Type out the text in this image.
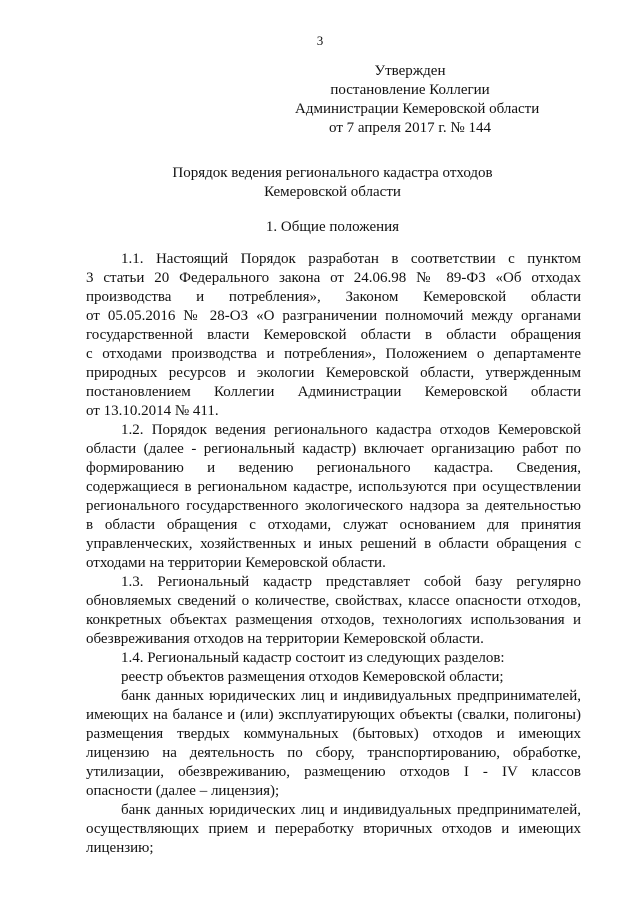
3
Утвержден
постановление Коллегии
Администрации Кемеровской области
от 7 апреля 2017 г. № 144
Порядок ведения регионального кадастра отходов
Кемеровской области
1. Общие положения
1.1. Настоящий Порядок разработан в соответствии с пунктом
3 статьи 20 Федерального закона от 24.06.98 № 89-ФЗ «Об отходах
производства и потребления», Законом Кемеровской области
от 05.05.2016 № 28-ОЗ «О разграничении полномочий между органами
государственной власти Кемеровской области в области обращения
с отходами производства и потребления», Положением о департаменте
природных ресурсов и экологии Кемеровской области, утвержденным
постановлением Коллегии Администрации Кемеровской области
от 13.10.2014 № 411.
1.2. Порядок ведения регионального кадастра отходов Кемеровской
области (далее - региональный кадастр) включает организацию работ по
формированию и ведению регионального кадастра. Сведения,
содержащиеся в региональном кадастре, используются при осуществлении
регионального государственного экологического надзора за деятельностью
в области обращения с отходами, служат основанием для принятия
управленческих, хозяйственных и иных решений в области обращения с
отходами на территории Кемеровской области.
1.3. Региональный кадастр представляет собой базу регулярно
обновляемых сведений о количестве, свойствах, классе опасности отходов,
конкретных объектах размещения отходов, технологиях использования и
обезвреживания отходов на территории Кемеровской области.
1.4. Региональный кадастр состоит из следующих разделов:
реестр объектов размещения отходов Кемеровской области;
банк данных юридических лиц и индивидуальных предпринимателей,
имеющих на балансе и (или) эксплуатирующих объекты (свалки, полигоны)
размещения твердых коммунальных (бытовых) отходов и имеющих
лицензию на деятельность по сбору, транспортированию, обработке,
утилизации, обезвреживанию, размещению отходов I - IV классов
опасности (далее – лицензия);
банк данных юридических лиц и индивидуальных предпринимателей,
осуществляющих прием и переработку вторичных отходов и имеющих
лицензию;
